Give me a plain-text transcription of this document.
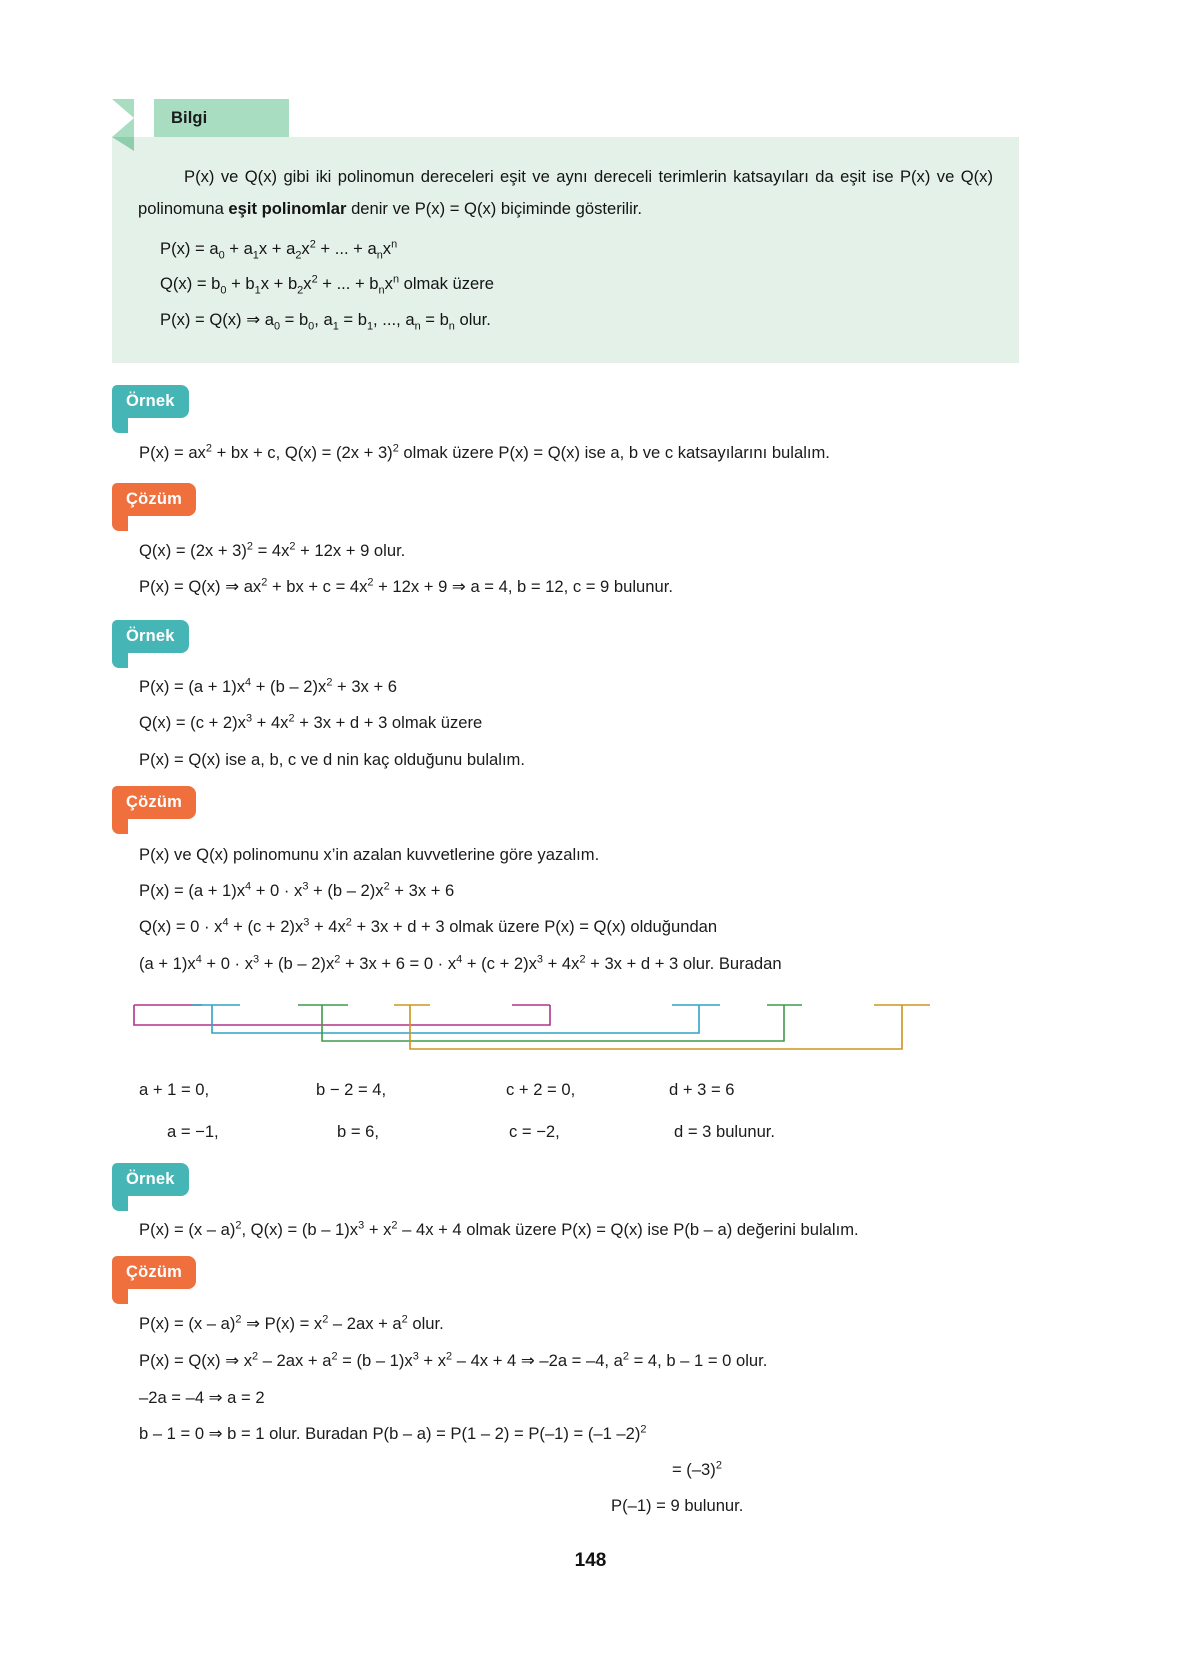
Bilgi

P(x) ve Q(x) gibi iki polinomun dereceleri eşit ve aynı dereceli terimlerin katsayıları da eşit ise P(x) ve Q(x) polinomuna eşit polinomlar denir ve P(x) = Q(x) biçiminde gösterilir.

$P(x) = a_0 + a_1x + a_2x^2$ + ... + $a_nx^n$
$Q(x) = b_0 + b_1x + b_2x^2$ + ... + $b_nx^n$ olmak üzere
P(x) = Q(x) ⇒ $a_0 = b_0$, $a_1 = b_1$, ..., $a_n = b_n$ olur.
Örnek
$P(x) = ax^2$ + bx + c, $Q(x) = (2x + 3)^2$ olmak üzere P(x) = Q(x) ise a, b ve c katsayılarını bulalım.
Çözüm
$Q(x) = (2x + 3)^2 = 4x^2 + 12x + 9$ olur.
P(x) = Q(x) ⇒ $ax^2$ + bx + $c = 4x^2 + 12x + 9$ ⇒ a = 4, b = 12, c = 9 bulunur.
Örnek
$P(x) = (a + 1)x^4 + (b - 2)x^2 + 3x + 6$
$Q(x) = (c + 2)x^3 + 4x^2 + 3x + d + 3$ olmak üzere
P(x) = Q(x) ise a, b, c ve d nin kaç olduğunu bulalım.
Çözüm
P(x) ve Q(x) polinomunu x’in azalan kuvvetlerine göre yazalım.
$P(x) = (a + 1)x^4 + 0 \cdot x^3 + (b - 2)x^2 + 3x + 6$
$Q(x) = 0 \cdot x^4 + (c + 2)x^3 + 4x^2 + 3x + d + 3$ olmak üzere P(x) = Q(x) olduğundan
$(a + 1)x^4 + 0 \cdot x^3 + (b - 2)x^2 + 3x + 6 = 0 \cdot x^4 + (c + 2)x^3 + 4x^2 + 3x + d + 3$ olur. Buradan
a + 1 = 0,	b − 2 = 4,	c + 2 = 0,	d + 3 = 6
a = −1,	b = 6,	c = −2,	d = 3 bulunur.
Örnek
P(x) = (x – a)$^2$, $Q(x) = (b - 1)x^3 + x^2 - 4x + 4$ olmak üzere P(x) = Q(x) ise P(b – a) değerini bulalım.
Çözüm
P(x) = (x – a)$^2$ ⇒ $P(x) = x^2 - 2ax + a^2$ olur.
P(x) = Q(x) ⇒ $x^2 - 2ax + a^2 = (b - 1)x^3 + x^2 - 4x + 4$ ⇒ –2a = –4, $a^2 = 4$, b – 1 = 0 olur.
–2a = –4 ⇒ a = 2
b – 1 = 0 ⇒ b = 1 olur. Buradan P(b – a) = P(1 – 2) = P(–1) = (–1 –2)$^2$
= $(-3)^2$
P(–1) = 9 bulunur.
148
